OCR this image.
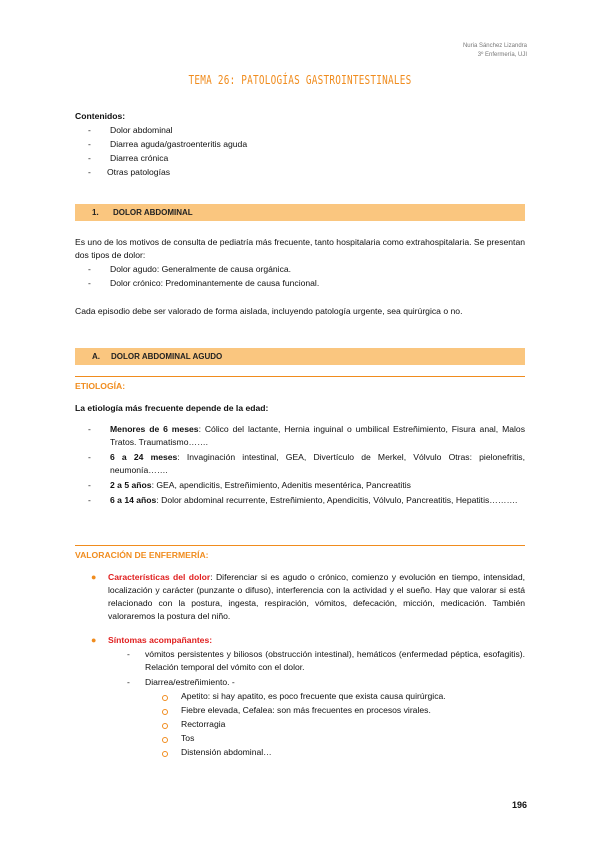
Nuria Sánchez Lizandra
3º Enfermería, UJI
TEMA 26: PATOLOGÍAS GASTROINTESTINALES
Contenidos:
- Dolor abdominal
- Diarrea aguda/gastroenteritis aguda
- Diarrea crónica
- Otras patologías
1. DOLOR ABDOMINAL
Es uno de los motivos de consulta de pediatría más frecuente, tanto hospitalaria como extrahospitalaria. Se presentan dos tipos de dolor:
- Dolor agudo: Generalmente de causa orgánica.
- Dolor crónico: Predominantemente de causa funcional.
Cada episodio debe ser valorado de forma aislada, incluyendo patología urgente, sea quirúrgica o no.
A. DOLOR ABDOMINAL AGUDO
ETIOLOGÍA:
La etiología más frecuente depende de la edad:
- Menores de 6 meses: Cólico del lactante, Hernia inguinal o umbilical Estreñimiento, Fisura anal, Malos Tratos. Traumatismo…….
- 6 a 24 meses: Invaginación intestinal, GEA, Divertículo de Merkel, Vólvulo Otras: pielonefritis, neumonía…….
- 2 a 5 años: GEA, apendicitis, Estreñimiento, Adenitis mesentérica, Pancreatitis
- 6 a 14 años: Dolor abdominal recurrente, Estreñimiento, Apendicitis, Vólvulo, Pancreatitis, Hepatitis……….
VALORACIÓN DE ENFERMERÍA:
● Características del dolor: Diferenciar si es agudo o crónico, comienzo y evolución en tiempo, intensidad, localización y carácter (punzante o difuso), interferencia con la actividad y el sueño. Hay que valorar si está relacionado con la postura, ingesta, respiración, vómitos, defecación, micción, medicación. También valoraremos la postura del niño.
● Síntomas acompañantes:
- vómitos persistentes y biliosos (obstrucción intestinal), hemáticos (enfermedad péptica, esofagitis). Relación temporal del vómito con el dolor.
- Diarrea/estreñimiento. -
Apetito: si hay apatito, es poco frecuente que exista causa quirúrgica.
Fiebre elevada, Cefalea: son más frecuentes en procesos virales.
Rectorragia
Tos
Distensión abdominal…
196
